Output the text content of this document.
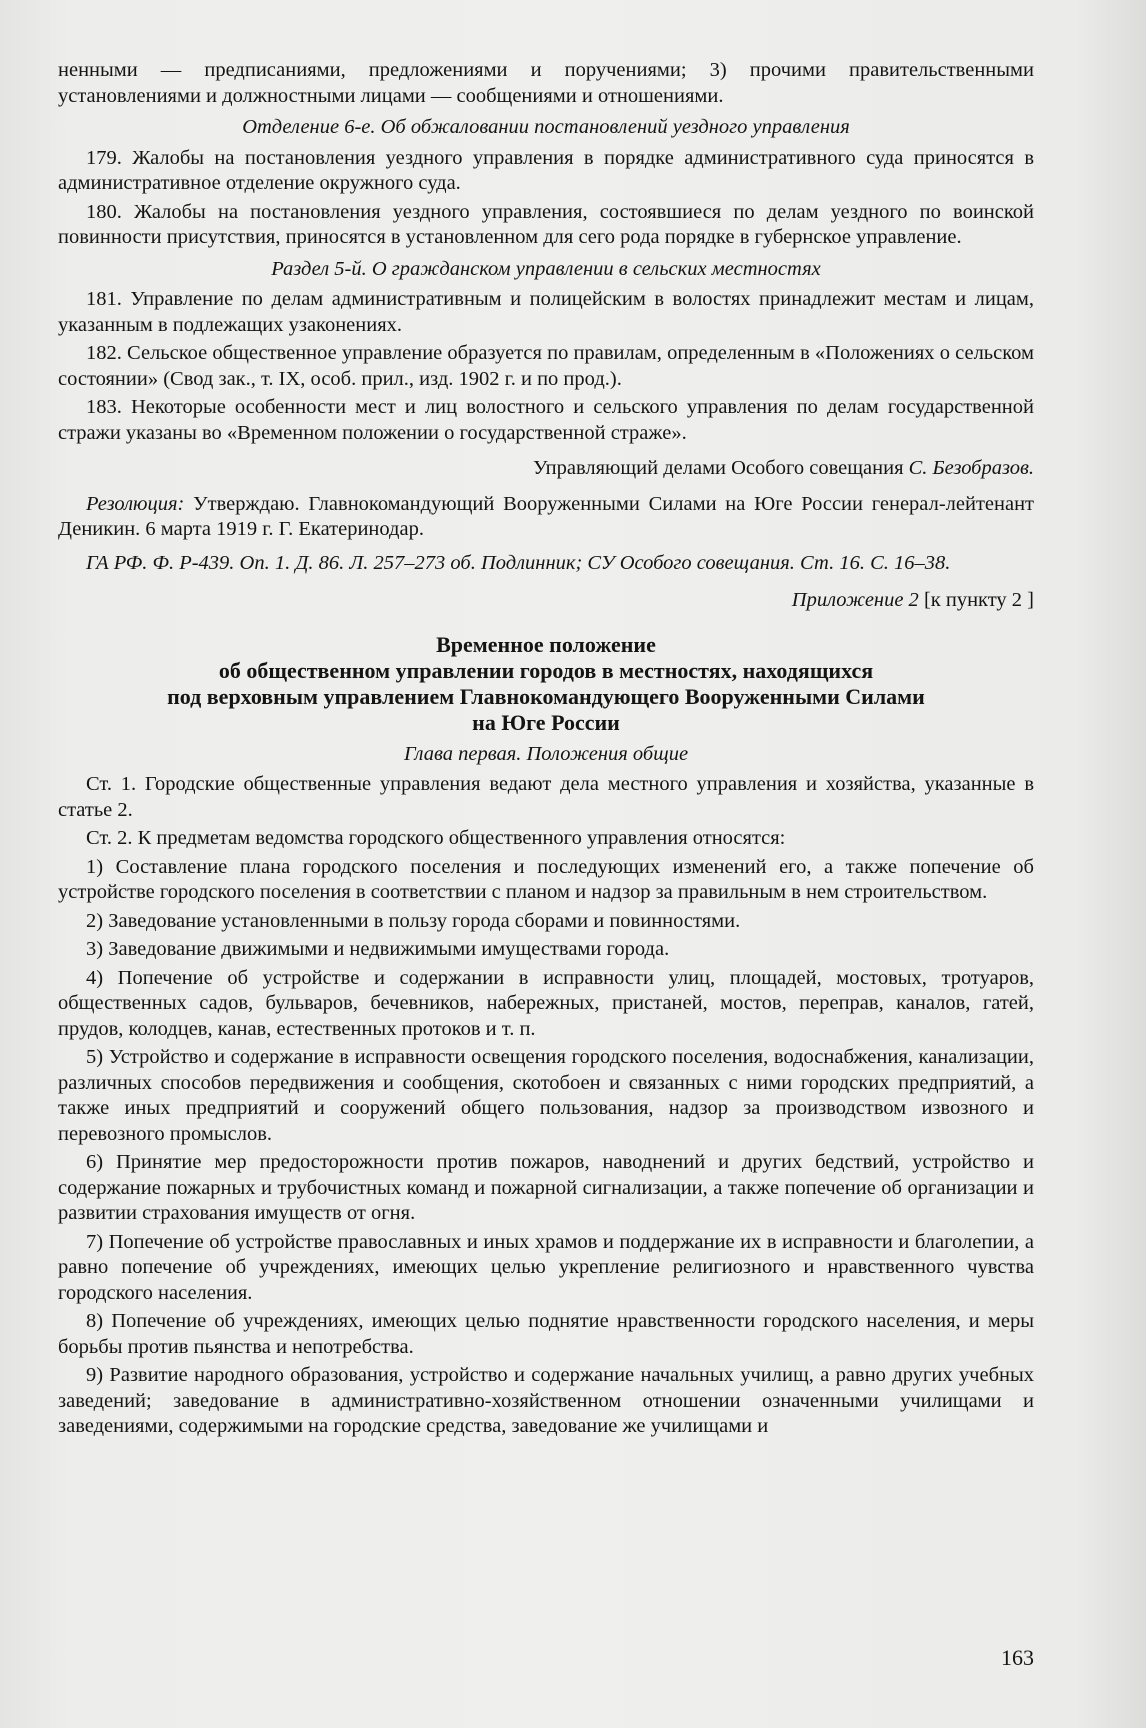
ненными — предписаниями, предложениями и поручениями; 3) прочими правительственными установлениями и должностными лицами — сообщениями и отношениями.

Отделение 6-е. Об обжаловании постановлений уездного управления

179. Жалобы на постановления уездного управления в порядке административного суда приносятся в административное отделение окружного суда.

180. Жалобы на постановления уездного управления, состоявшиеся по делам уездного по воинской повинности присутствия, приносятся в установленном для сего рода порядке в губернское управление.

Раздел 5-й. О гражданском управлении в сельских местностях

181. Управление по делам административным и полицейским в волостях принадлежит местам и лицам, указанным в подлежащих узаконениях.

182. Сельское общественное управление образуется по правилам, определенным в «Положениях о сельском состоянии» (Свод зак., т. IX, особ. прил., изд. 1902 г. и по прод.).

183. Некоторые особенности мест и лиц волостного и сельского управления по делам государственной стражи указаны во «Временном положении о государственной страже».

Управляющий делами Особого совещания С. Безобразов.

Резолюция: Утверждаю. Главнокомандующий Вооруженными Силами на Юге России генерал-лейтенант Деникин. 6 марта 1919 г. Г. Екатеринодар.

ГА РФ. Ф. Р-439. Оп. 1. Д. 86. Л. 257–273 об. Подлинник; СУ Особого совещания. Ст. 16. С. 16–38.

Приложение 2 [к пункту 2 ]

Временное положение
об общественном управлении городов в местностях, находящихся
под верховным управлением Главнокомандующего Вооруженными Силами
на Юге России

Глава первая. Положения общие

Ст. 1. Городские общественные управления ведают дела местного управления и хозяйства, указанные в статье 2.

Ст. 2. К предметам ведомства городского общественного управления относятся:

1) Составление плана городского поселения и последующих изменений его, а также попечение об устройстве городского поселения в соответствии с планом и надзор за правильным в нем строительством.

2) Заведование установленными в пользу города сборами и повинностями.

3) Заведование движимыми и недвижимыми имуществами города.

4) Попечение об устройстве и содержании в исправности улиц, площадей, мостовых, тротуаров, общественных садов, бульваров, бечевников, набережных, пристаней, мостов, переправ, каналов, гатей, прудов, колодцев, канав, естественных протоков и т. п.

5) Устройство и содержание в исправности освещения городского поселения, водоснабжения, канализации, различных способов передвижения и сообщения, скотобоен и связанных с ними городских предприятий, а также иных предприятий и сооружений общего пользования, надзор за производством извозного и перевозного промыслов.

6) Принятие мер предосторожности против пожаров, наводнений и других бедствий, устройство и содержание пожарных и трубочистных команд и пожарной сигнализации, а также попечение об организации и развитии страхования имуществ от огня.

7) Попечение об устройстве православных и иных храмов и поддержание их в исправности и благолепии, а равно попечение об учреждениях, имеющих целью укрепление религиозного и нравственного чувства городского населения.

8) Попечение об учреждениях, имеющих целью поднятие нравственности городского населения, и меры борьбы против пьянства и непотребства.

9) Развитие народного образования, устройство и содержание начальных училищ, а равно других учебных заведений; заведование в административно-хозяйственном отношении означенными училищами и заведениями, содержимыми на городские средства, заведование же училищами и

163
